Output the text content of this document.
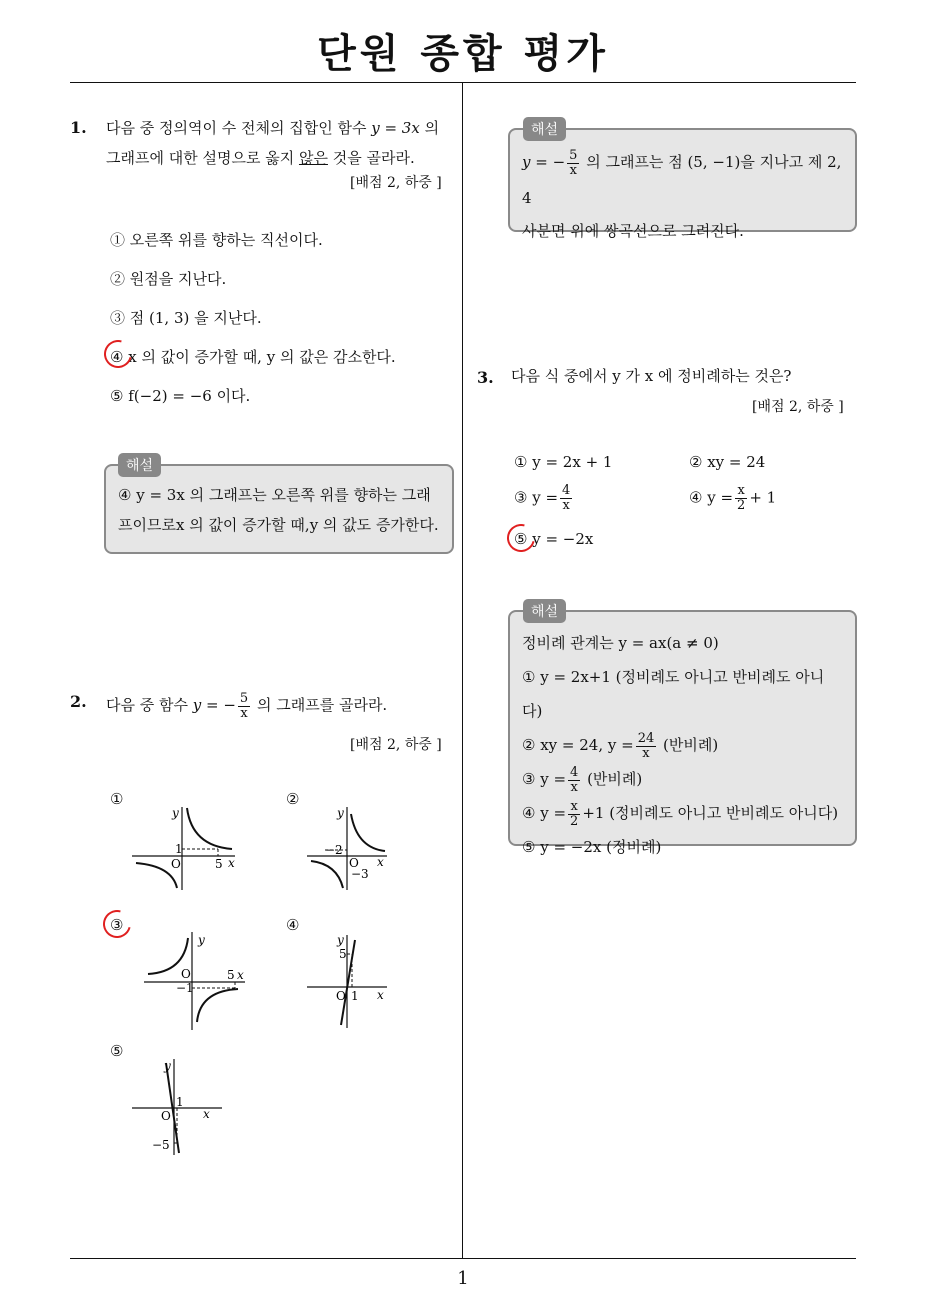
단원 종합 평가
1
1. 다음 중 정의역이 수 전체의 집합인 함수 y = 3x 의
그래프에 대한 설명으로 옳지 않은 것을 골라라.
[배점 2, 하중 ]
① 오른쪽 위를 향하는 직선이다.
② 원점을 지난다.
③ 점 (1, 3) 을 지난다.
④ x 의 값이 증가할 때, y 의 값은 감소한다.
⑤ f(−2) = −6 이다.
④ y = 3x 의 그래프는 오른쪽 위를 향하는 그래
프이므로x 의 값이 증가할 때,y 의 값도 증가한다.
해설
2. 다음 중 함수 y = − $\frac{5}{x}$ 의 그래프를 골라라.
[배점 2, 하중 ]
①
y
x
O
1
5
②
y
x
O
−2
−3
③
y
x
O
−1
5
④
y
x
O
5
1
⑤
y
x
O
1
−5
y = − $\frac{5}{x}$ 의 그래프는 점 (5, −1)을 지나고 제 2, 4
사분면 위에 쌍곡선으로 그려진다.
해설
3. 다음 식 중에서 y 가 x 에 정비례하는 것은?
[배점 2, 하중 ]
① y = 2x + 1	② xy = 24
③ $y = \frac{4}{x}$	④ $y = \frac{x}{2} + 1$
⑤ y = −2x
정비례 관계는 y = ax(a ≠ 0)
① y = 2x+1 (정비례도 아니고 반비례도 아니다)
② xy = 24, $y = \frac{24}{x}$ (반비례)
③ $y = \frac{4}{x}$ (반비례)
④ $y = \frac{x}{2} +1$ (정비례도 아니고 반비례도 아니다)
⑤ y = −2x (정비례)
해설
